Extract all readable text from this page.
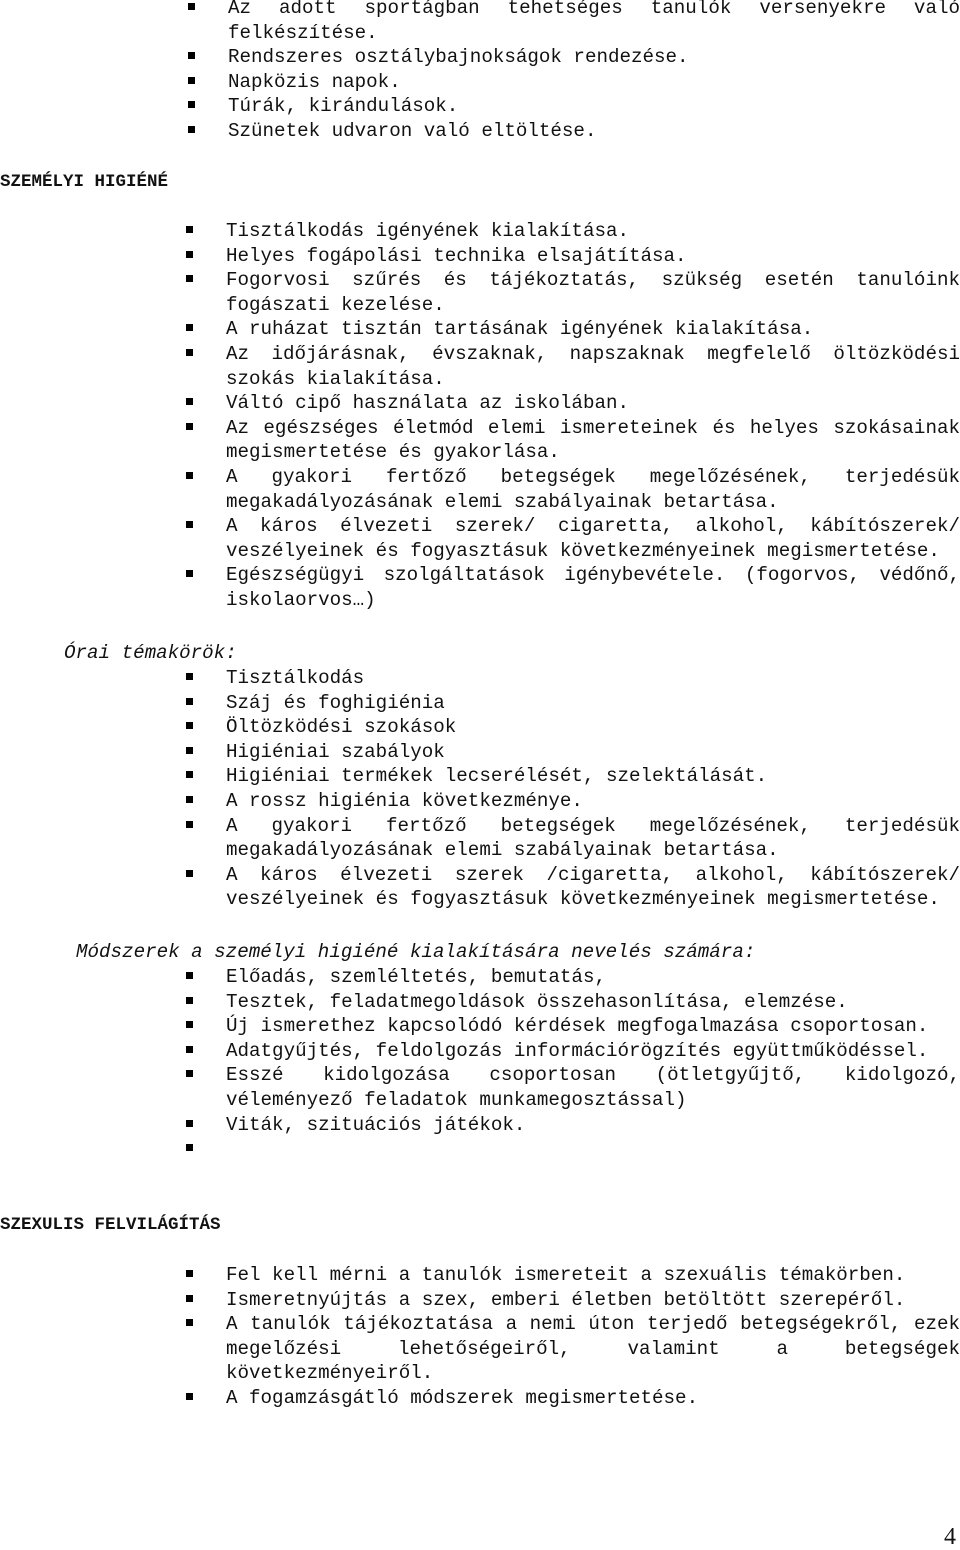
Az adott sportágban tehetséges tanulók versenyekre való felkészítése.
Rendszeres osztálybajnokságok rendezése.
Napközis napok.
Túrák, kirándulások.
Szünetek udvaron való eltöltése.
SZEMÉLYI HIGIÉNÉ
Tisztálkodás igényének kialakítása.
Helyes fogápolási technika elsajátítása.
Fogorvosi szűrés és tájékoztatás, szükség esetén tanulóink fogászati kezelése.
A ruházat tisztán tartásának igényének kialakítása.
Az időjárásnak, évszaknak, napszaknak megfelelő öltözködési szokás kialakítása.
Váltó cipő használata az iskolában.
Az egészséges életmód elemi ismereteinek és helyes szokásainak megismertetése és gyakorlása.
A gyakori fertőző betegségek megelőzésének, terjedésük megakadályozásának elemi szabályainak betartása.
A káros élvezeti szerek/ cigaretta, alkohol, kábítószerek/ veszélyeinek és fogyasztásuk következményeinek megismertetése.
Egészségügyi szolgáltatások igénybevétele. (fogorvos, védőnő, iskolaorvos…)
Órai témakörök:
Tisztálkodás
Száj és foghigiénia
Öltözködési szokások
Higiéniai szabályok
Higiéniai termékek lecserélését, szelektálását.
A rossz higiénia következménye.
A gyakori fertőző betegségek megelőzésének, terjedésük megakadályozásának elemi szabályainak betartása.
A káros élvezeti szerek /cigaretta, alkohol, kábítószerek/ veszélyeinek és fogyasztásuk következményeinek megismertetése.
Módszerek a személyi higiéné kialakítására nevelés számára:
Előadás, szemléltetés, bemutatás,
Tesztek, feladatmegoldások összehasonlítása, elemzése.
Új ismerethez kapcsolódó kérdések megfogalmazása csoportosan.
Adatgyűjtés, feldolgozás információrögzítés együttműködéssel.
Esszé kidolgozása csoportosan (ötletgyűjtő, kidolgozó, véleményező feladatok munkamegosztással)
Viták, szituációs játékok.
SZEXULIS FELVILÁGÍTÁS
Fel kell mérni a tanulók ismereteit a szexuális témakörben.
Ismeretnyújtás a szex, emberi életben betöltött szerepéről.
A tanulók tájékoztatása a nemi úton terjedő betegségekről, ezek megelőzési lehetőségeiről, valamint a betegségek következményeiről.
A fogamzásgátló módszerek megismertetése.
4
